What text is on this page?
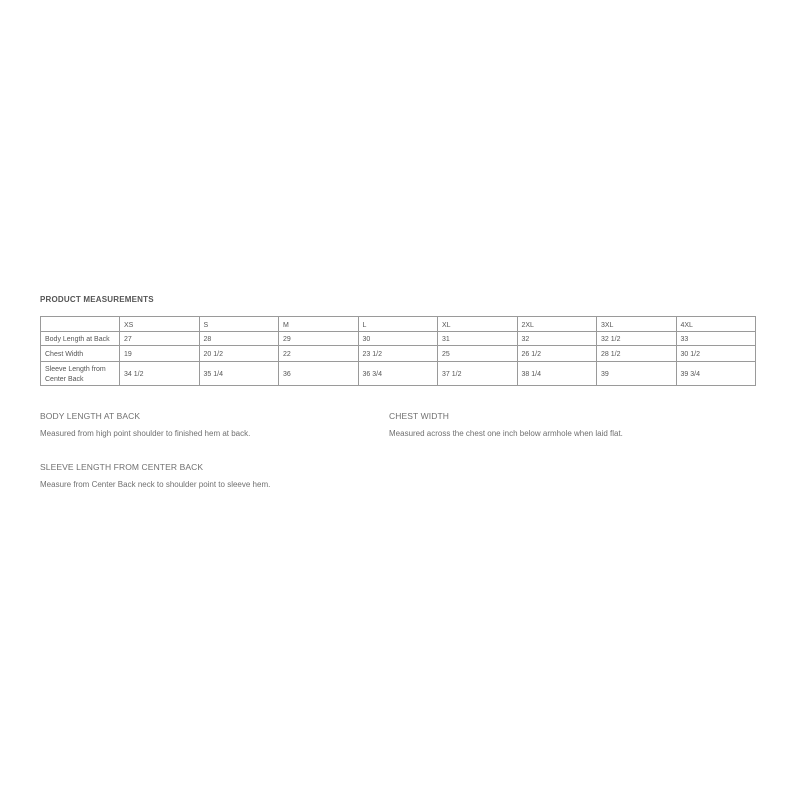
PRODUCT MEASUREMENTS
	XS	S	M	L	XL	2XL	3XL	4XL
Body Length at Back	27	28	29	30	31	32	32 1/2	33
Chest Width	19	20 1/2	22	23 1/2	25	26 1/2	28 1/2	30 1/2
Sleeve Length from Center Back	34 1/2	35 1/4	36	36 3/4	37 1/2	38 1/4	39	39 3/4

BODY LENGTH AT BACK

Measured from high point shoulder to finished hem at back.

CHEST WIDTH

Measured across the chest one inch below armhole when laid flat.

SLEEVE LENGTH FROM CENTER BACK

Measure from Center Back neck to shoulder point to sleeve hem.
